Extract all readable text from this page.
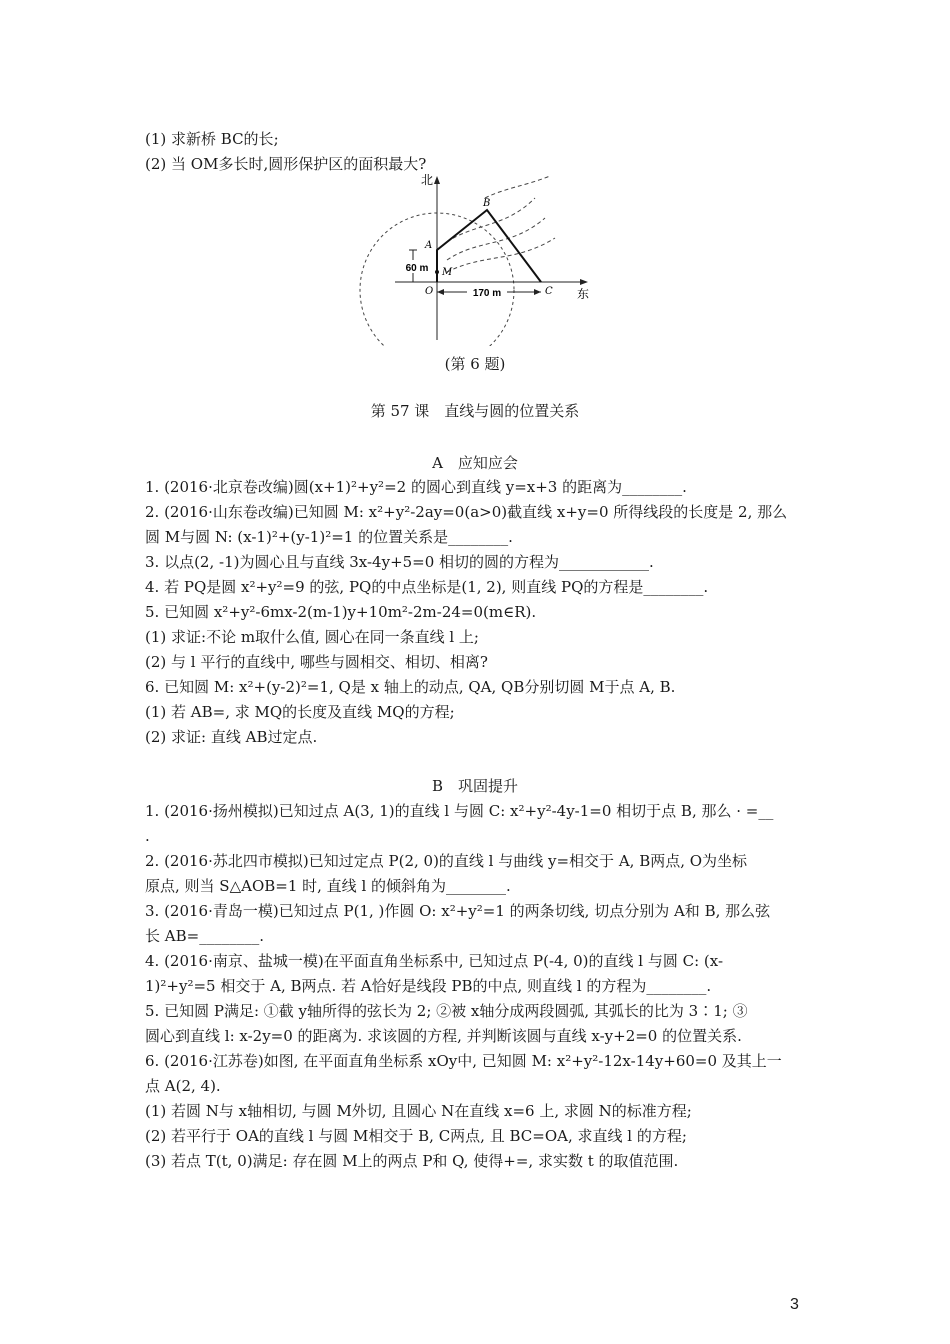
(1) 求新桥 BC的长;
(2) 当 OM多长时,圆形保护区的面积最大?
60 m
170 m
北
东
A
B
C
O
M
(第 6 题)
第 57 课　直线与圆的位置关系
A　应知应会
1. (2016·北京卷改编)圆(x+1)²+y²=2 的圆心到直线 y=x+3 的距离为________.
2. (2016·山东卷改编)已知圆 M: x²+y²-2ay=0(a>0)截直线 x+y=0 所得线段的长度是 2, 那么
圆 M与圆 N: (x-1)²+(y-1)²=1 的位置关系是________.
3. 以点(2, -1)为圆心且与直线 3x-4y+5=0 相切的圆的方程为____________.
4. 若 PQ是圆 x²+y²=9 的弦, PQ的中点坐标是(1, 2), 则直线 PQ的方程是________.
5. 已知圆 x²+y²-6mx-2(m-1)y+10m²-2m-24=0(m∈R).
(1) 求证:不论 m取什么值, 圆心在同一条直线 l 上;
(2) 与 l 平行的直线中, 哪些与圆相交、相切、相离?
6. 已知圆 M: x²+(y-2)²=1, Q是 x 轴上的动点, QA, QB分别切圆 M于点 A, B.
(1) 若 AB=, 求 MQ的长度及直线 MQ的方程;
(2) 求证: 直线 AB过定点.
B　巩固提升
1. (2016·扬州模拟)已知过点 A(3, 1)的直线 l 与圆 C: x²+y²-4y-1=0 相切于点 B, 那么 · =__
.
2. (2016·苏北四市模拟)已知过定点 P(2, 0)的直线 l 与曲线 y=相交于 A, B两点, O为坐标
原点, 则当 S△AOB=1 时, 直线 l 的倾斜角为________.
3. (2016·青岛一模)已知过点 P(1, )作圆 O: x²+y²=1 的两条切线, 切点分别为 A和 B, 那么弦
长 AB=________.
4. (2016·南京、盐城一模)在平面直角坐标系中, 已知过点 P(-4, 0)的直线 l 与圆 C: (x-
1)²+y²=5 相交于 A, B两点. 若 A恰好是线段 PB的中点, 则直线 l 的方程为________.
5. 已知圆 P满足: ①截 y轴所得的弦长为 2; ②被 x轴分成两段圆弧, 其弧长的比为 3∶1; ③
圆心到直线 l: x-2y=0 的距离为. 求该圆的方程, 并判断该圆与直线 x-y+2=0 的位置关系.
6. (2016·江苏卷)如图, 在平面直角坐标系 xOy中, 已知圆 M: x²+y²-12x-14y+60=0 及其上一
点 A(2, 4).
(1) 若圆 N与 x轴相切, 与圆 M外切, 且圆心 N在直线 x=6 上, 求圆 N的标准方程;
(2) 若平行于 OA的直线 l 与圆 M相交于 B, C两点, 且 BC=OA, 求直线 l 的方程;
(3) 若点 T(t, 0)满足: 存在圆 M上的两点 P和 Q, 使得+=, 求实数 t 的取值范围.
3
